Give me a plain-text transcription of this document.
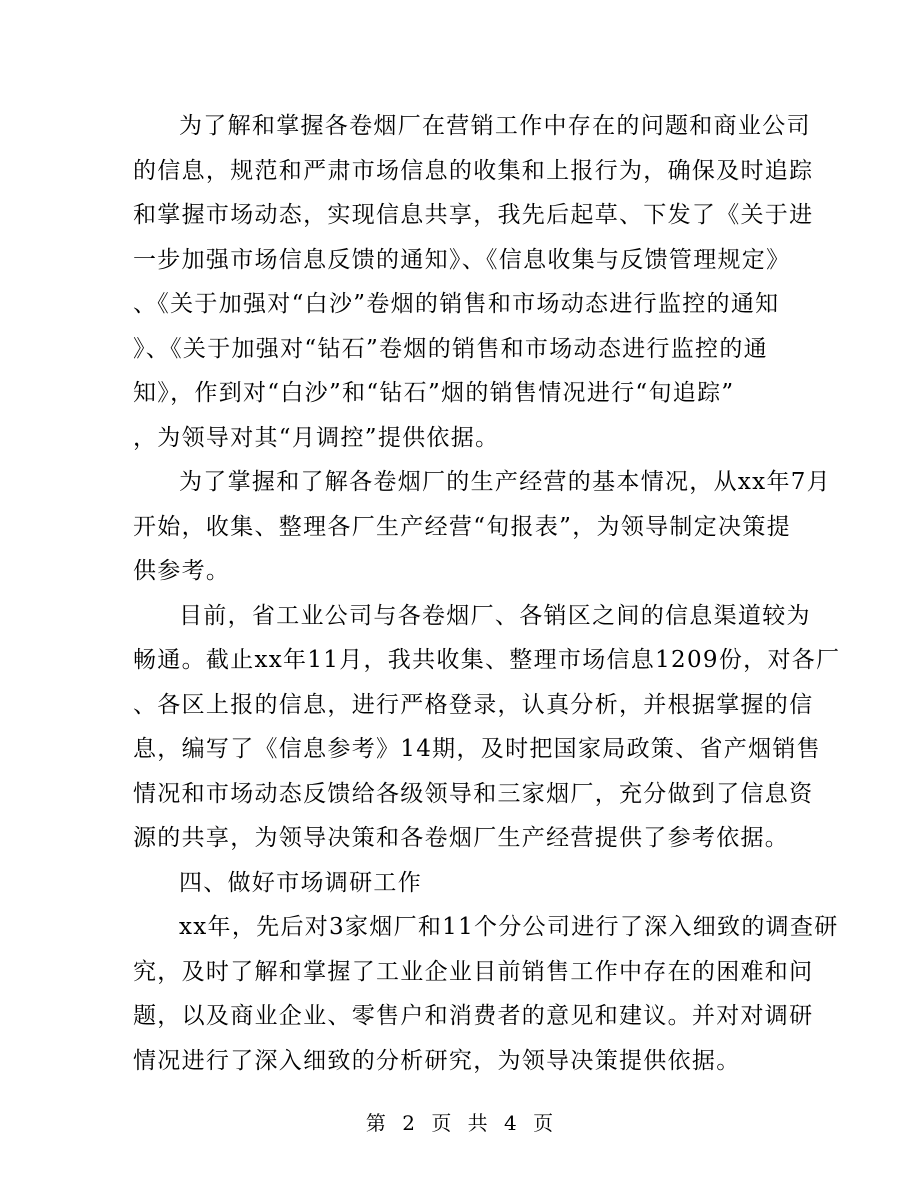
为了解和掌握各卷烟厂在营销工作中存在的问题和商业公司
的信息，规范和严肃市场信息的收集和上报行为，确保及时追踪
和掌握市场动态，实现信息共享，我先后起草、下发了《关于进
一步加强市场信息反馈的通知》、《信息收集与反馈管理规定》
、《关于加强对“白沙”卷烟的销售和市场动态进行监控的通知
》、《关于加强对“钻石”卷烟的销售和市场动态进行监控的通
知》，作到对“白沙”和“钻石”烟的销售情况进行“旬追踪”
，为领导对其“月调控”提供依据。
为了掌握和了解各卷烟厂的生产经营的基本情况，从xx年7月
开始，收集、整理各厂生产经营“旬报表”，为领导制定决策提
供参考。
目前，省工业公司与各卷烟厂、各销区之间的信息渠道较为
畅通。截止xx年11月，我共收集、整理市场信息1209份，对各厂
、各区上报的信息，进行严格登录，认真分析，并根据掌握的信
息，编写了《信息参考》14期，及时把国家局政策、省产烟销售
情况和市场动态反馈给各级领导和三家烟厂，充分做到了信息资
源的共享，为领导决策和各卷烟厂生产经营提供了参考依据。
四、做好市场调研工作
xx年，先后对3家烟厂和11个分公司进行了深入细致的调查研
究，及时了解和掌握了工业企业目前销售工作中存在的困难和问
题，以及商业企业、零售户和消费者的意见和建议。并对对调研
情况进行了深入细致的分析研究，为领导决策提供依据。
第 2 页 共 4 页
